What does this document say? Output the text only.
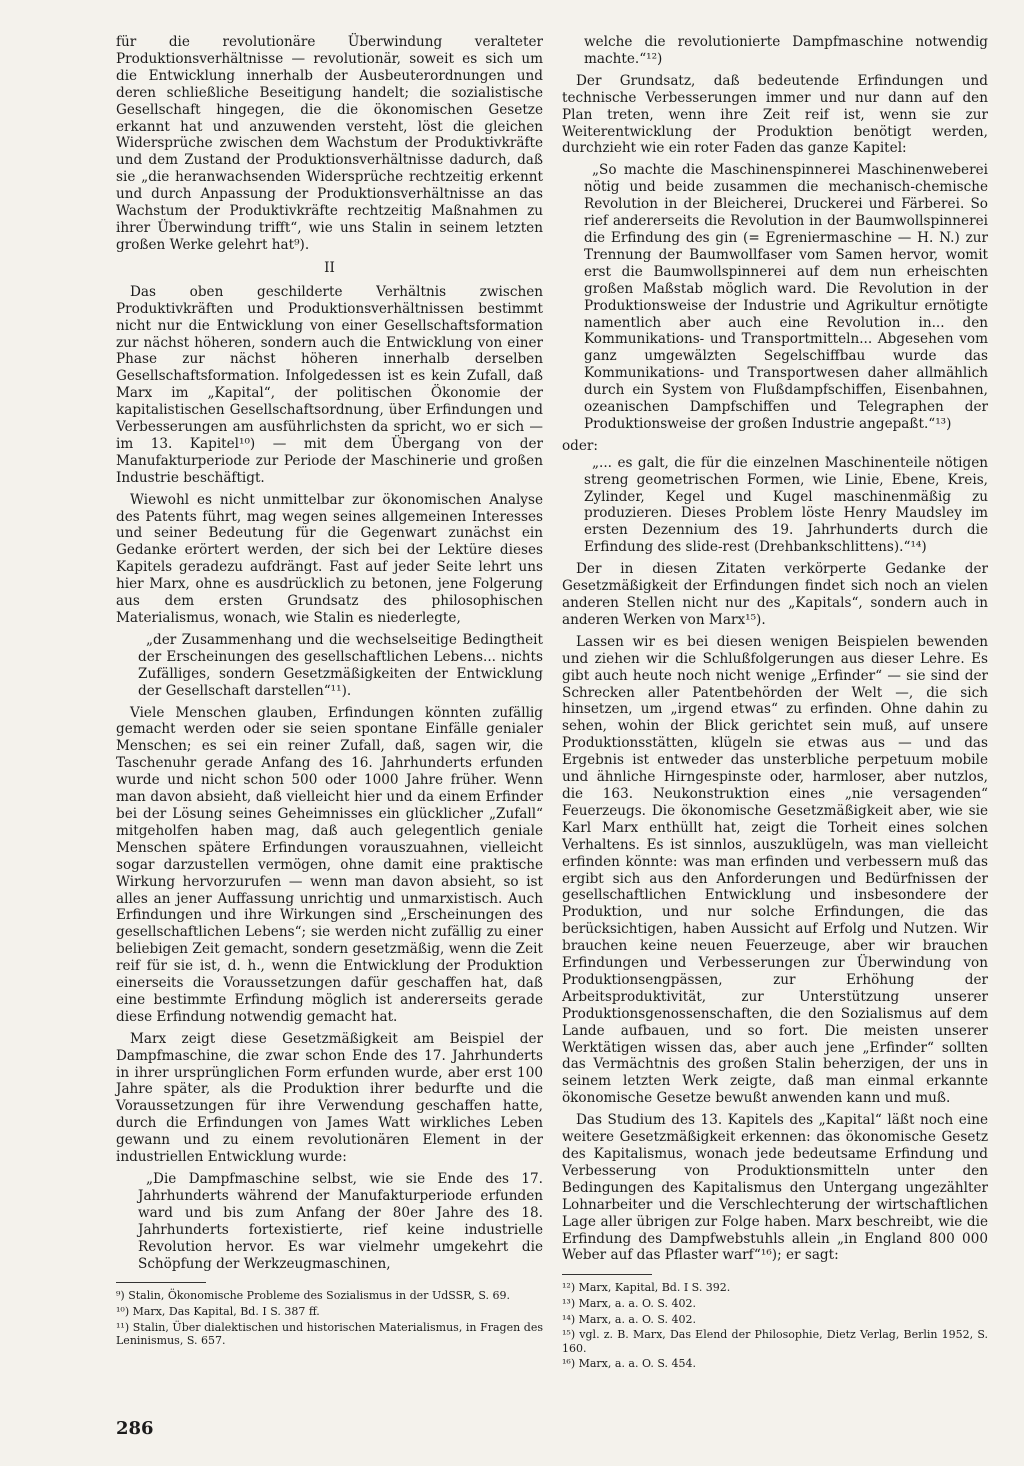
für die revolutionäre Überwindung veralteter Produktionsverhältnisse — revolutionär, soweit es sich um die Entwicklung innerhalb der Ausbeuterordnungen und deren schließliche Beseitigung handelt; die sozialistische Gesellschaft hingegen, die die ökonomischen Gesetze erkannt hat und anzuwenden versteht, löst die gleichen Widersprüche zwischen dem Wachstum der Produktivkräfte und dem Zustand der Produktionsverhältnisse dadurch, daß sie „die heranwachsenden Widersprüche rechtzeitig erkennt und durch Anpassung der Produktionsverhältnisse an das Wachstum der Produktivkräfte rechtzeitig Maßnahmen zu ihrer Überwindung trifft“, wie uns Stalin in seinem letzten großen Werke gelehrt hat⁹).

II

Das oben geschilderte Verhältnis zwischen Produktivkräften und Produktionsverhältnissen bestimmt nicht nur die Entwicklung von einer Gesellschaftsformation zur nächst höheren, sondern auch die Entwicklung von einer Phase zur nächst höheren innerhalb derselben Gesellschaftsformation. Infolgedessen ist es kein Zufall, daß Marx im „Kapital“, der politischen Ökonomie der kapitalistischen Gesellschaftsordnung, über Erfindungen und Verbesserungen am ausführlichsten da spricht, wo er sich — im 13. Kapitel¹⁰) — mit dem Übergang von der Manufakturperiode zur Periode der Maschinerie und großen Industrie beschäftigt.

Wiewohl es nicht unmittelbar zur ökonomischen Analyse des Patents führt, mag wegen seines allgemeinen Interesses und seiner Bedeutung für die Gegenwart zunächst ein Gedanke erörtert werden, der sich bei der Lektüre dieses Kapitels geradezu aufdrängt. Fast auf jeder Seite lehrt uns hier Marx, ohne es ausdrücklich zu betonen, jene Folgerung aus dem ersten Grundsatz des philosophischen Materialismus, wonach, wie Stalin es niederlegte,

„der Zusammenhang und die wechselseitige Bedingtheit der Erscheinungen des gesellschaftlichen Lebens... nichts Zufälliges, sondern Gesetzmäßigkeiten der Entwicklung der Gesellschaft darstellen“¹¹).

Viele Menschen glauben, Erfindungen könnten zufällig gemacht werden oder sie seien spontane Einfälle genialer Menschen; es sei ein reiner Zufall, daß, sagen wir, die Taschenuhr gerade Anfang des 16. Jahrhunderts erfunden wurde und nicht schon 500 oder 1000 Jahre früher. Wenn man davon absieht, daß vielleicht hier und da einem Erfinder bei der Lösung seines Geheimnisses ein glücklicher „Zufall“ mitgeholfen haben mag, daß auch gelegentlich geniale Menschen spätere Erfindungen vorauszuahnen, vielleicht sogar darzustellen vermögen, ohne damit eine praktische Wirkung hervorzurufen — wenn man davon absieht, so ist alles an jener Auffassung unrichtig und unmarxistisch. Auch Erfindungen und ihre Wirkungen sind „Erscheinungen des gesellschaftlichen Lebens“; sie werden nicht zufällig zu einer beliebigen Zeit gemacht, sondern gesetzmäßig, wenn die Zeit reif für sie ist, d. h., wenn die Entwicklung der Produktion einerseits die Voraussetzungen dafür geschaffen hat, daß eine bestimmte Erfindung möglich ist andererseits gerade diese Erfindung notwendig gemacht hat.

Marx zeigt diese Gesetzmäßigkeit am Beispiel der Dampfmaschine, die zwar schon Ende des 17. Jahrhunderts in ihrer ursprünglichen Form erfunden wurde, aber erst 100 Jahre später, als die Produktion ihrer bedurfte und die Voraussetzungen für ihre Verwendung geschaffen hatte, durch die Erfindungen von James Watt wirkliches Leben gewann und zu einem revolutionären Element in der industriellen Entwicklung wurde:

„Die Dampfmaschine selbst, wie sie Ende des 17. Jahrhunderts während der Manufakturperiode erfunden ward und bis zum Anfang der 80er Jahre des 18. Jahrhunderts fortexistierte, rief keine industrielle Revolution hervor. Es war vielmehr umgekehrt die Schöpfung der Werkzeugmaschinen,
⁹) Stalin, Ökonomische Probleme des Sozialismus in der UdSSR, S. 69.
¹⁰) Marx, Das Kapital, Bd. I S. 387 ff.
¹¹) Stalin, Über dialektischen und historischen Materialismus, in Fragen des Leninismus, S. 657.
welche die revolutionierte Dampfmaschine notwendig machte.“¹²)

Der Grundsatz, daß bedeutende Erfindungen und technische Verbesserungen immer und nur dann auf den Plan treten, wenn ihre Zeit reif ist, wenn sie zur Weiterentwicklung der Produktion benötigt werden, durchzieht wie ein roter Faden das ganze Kapitel:

„So machte die Maschinenspinnerei Maschinenweberei nötig und beide zusammen die mechanisch-chemische Revolution in der Bleicherei, Druckerei und Färberei. So rief andererseits die Revolution in der Baumwollspinnerei die Erfindung des gin (= Egreniermaschine — H. N.) zur Trennung der Baumwollfaser vom Samen hervor, womit erst die Baumwollspinnerei auf dem nun erheischten großen Maßstab möglich ward. Die Revolution in der Produktionsweise der Industrie und Agrikultur ernötigte namentlich aber auch eine Revolution in... den Kommunikations- und Transportmitteln... Abgesehen vom ganz umgewälzten Segelschiffbau wurde das Kommunikations- und Transportwesen daher allmählich durch ein System von Flußdampfschiffen, Eisenbahnen, ozeanischen Dampfschiffen und Telegraphen der Produktionsweise der großen Industrie angepaßt.“¹³)
oder:
„... es galt, die für die einzelnen Maschinenteile nötigen streng geometrischen Formen, wie Linie, Ebene, Kreis, Zylinder, Kegel und Kugel maschinenmäßig zu produzieren. Dieses Problem löste Henry Maudsley im ersten Dezennium des 19. Jahrhunderts durch die Erfindung des slide-rest (Drehbankschlittens).“¹⁴)

Der in diesen Zitaten verkörperte Gedanke der Gesetzmäßigkeit der Erfindungen findet sich noch an vielen anderen Stellen nicht nur des „Kapitals“, sondern auch in anderen Werken von Marx¹⁵).

Lassen wir es bei diesen wenigen Beispielen bewenden und ziehen wir die Schlußfolgerungen aus dieser Lehre. Es gibt auch heute noch nicht wenige „Erfinder“ — sie sind der Schrecken aller Patentbehörden der Welt —, die sich hinsetzen, um „irgend etwas“ zu erfinden. Ohne dahin zu sehen, wohin der Blick gerichtet sein muß, auf unsere Produktionsstätten, klügeln sie etwas aus — und das Ergebnis ist entweder das unsterbliche perpetuum mobile und ähnliche Hirngespinste oder, harmloser, aber nutzlos, die 163. Neukonstruktion eines „nie versagenden“ Feuerzeugs. Die ökonomische Gesetzmäßigkeit aber, wie sie Karl Marx enthüllt hat, zeigt die Torheit eines solchen Verhaltens. Es ist sinnlos, auszuklügeln, was man vielleicht erfinden könnte: was man erfinden und verbessern muß das ergibt sich aus den Anforderungen und Bedürfnissen der gesellschaftlichen Entwicklung und insbesondere der Produktion, und nur solche Erfindungen, die das berücksichtigen, haben Aussicht auf Erfolg und Nutzen. Wir brauchen keine neuen Feuerzeuge, aber wir brauchen Erfindungen und Verbesserungen zur Überwindung von Produktionsengpässen, zur Erhöhung der Arbeitsproduktivität, zur Unterstützung unserer Produktionsgenossenschaften, die den Sozialismus auf dem Lande aufbauen, und so fort. Die meisten unserer Werktätigen wissen das, aber auch jene „Erfinder“ sollten das Vermächtnis des großen Stalin beherzigen, der uns in seinem letzten Werk zeigte, daß man einmal erkannte ökonomische Gesetze bewußt anwenden kann und muß.

Das Studium des 13. Kapitels des „Kapital“ läßt noch eine weitere Gesetzmäßigkeit erkennen: das ökonomische Gesetz des Kapitalismus, wonach jede bedeutsame Erfindung und Verbesserung von Produktionsmitteln unter den Bedingungen des Kapitalismus den Untergang ungezählter Lohnarbeiter und die Verschlechterung der wirtschaftlichen Lage aller übrigen zur Folge haben. Marx beschreibt, wie die Erfindung des Dampfwebstuhls allein „in England 800 000 Weber auf das Pflaster warf“¹⁶); er sagt:

¹²) Marx, Kapital, Bd. I S. 392.
¹³) Marx, a. a. O. S. 402.
¹⁴) Marx, a. a. O. S. 402.
¹⁵) vgl. z. B. Marx, Das Elend der Philosophie, Dietz Verlag, Berlin 1952, S. 160.
¹⁶) Marx, a. a. O. S. 454.
286
